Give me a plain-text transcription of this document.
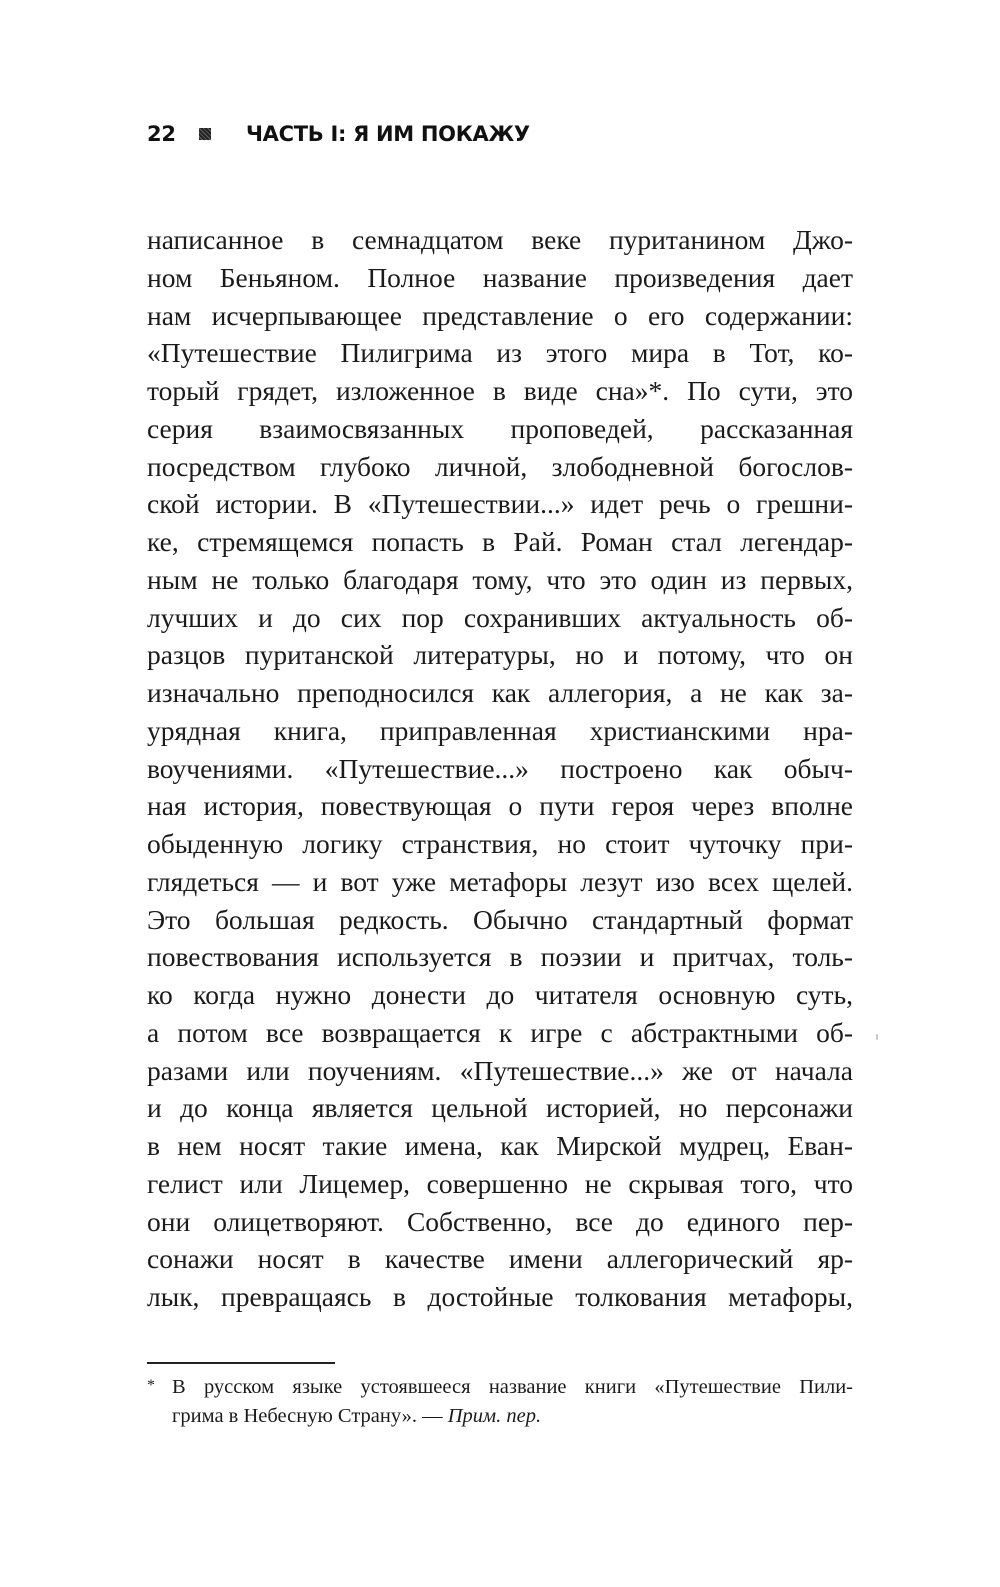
22	ЧАСТЬ I: Я ИМ ПОКАЖУ
написанное в семнадцатом веке пуританином Джо-
ном Беньяном. Полное название произведения дает
нам исчерпывающее представление о его содержании:
«Путешествие Пилигрима из этого мира в Тот, ко-
торый грядет, изложенное в виде сна»*. По сути, это
серия взаимосвязанных проповедей, рассказанная
посредством глубоко личной, злободневной богослов-
ской истории. В «Путешествии...» идет речь о грешни-
ке, стремящемся попасть в Рай. Роман стал легендар-
ным не только благодаря тому, что это один из первых,
лучших и до сих пор сохранивших актуальность об-
разцов пуританской литературы, но и потому, что он
изначально преподносился как аллегория, а не как за-
урядная книга, приправленная христианскими нра-
воучениями. «Путешествие...» построено как обыч-
ная история, повествующая о пути героя через вполне
обыденную логику странствия, но стоит чуточку при-
глядеться — и вот уже метафоры лезут изо всех щелей.
Это большая редкость. Обычно стандартный формат
повествования используется в поэзии и притчах, толь-
ко когда нужно донести до читателя основную суть,
а потом все возвращается к игре с абстрактными об-
разами или поучениям. «Путешествие...» же от начала
и до конца является цельной историей, но персонажи
в нем носят такие имена, как Мирской мудрец, Еван-
гелист или Лицемер, совершенно не скрывая того, что
они олицетворяют. Собственно, все до единого пер-
сонажи носят в качестве имени аллегорический яр-
лык, превращаясь в достойные толкования метафоры,
* В русском языке устоявшееся название книги «Путешествие Пили-
грима в Небесную Страну». — Прим. пер.
